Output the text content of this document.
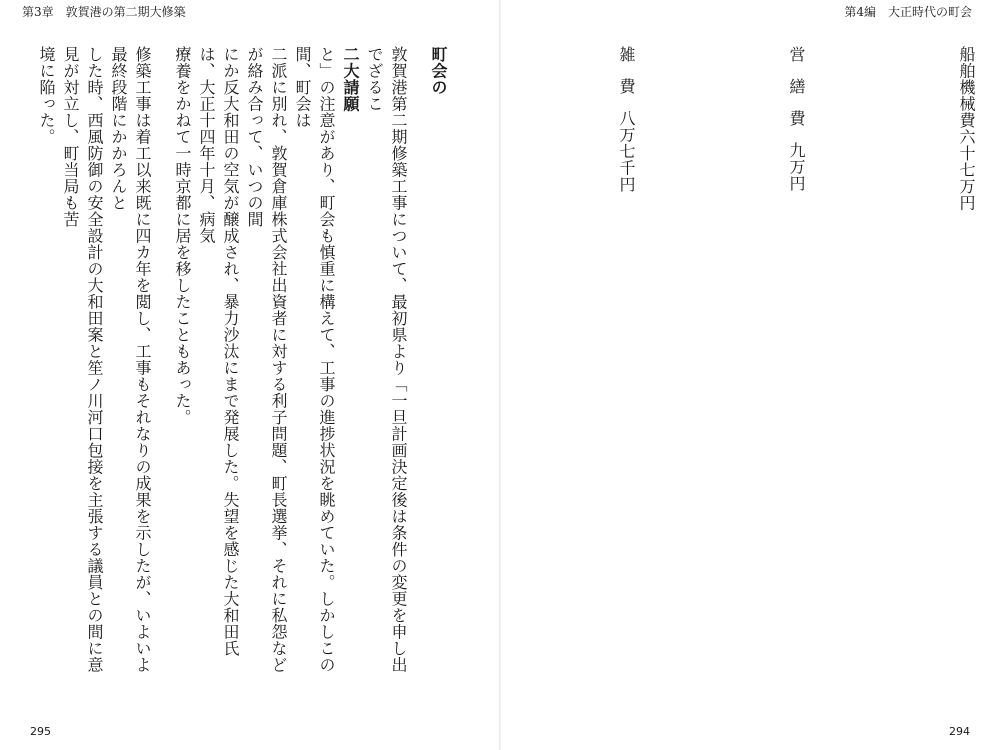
第3章　敦賀港の第二期大修築	第4編　大正時代の町会

船舶機械費六十七万円

営繕費九万円

雑費八万七千円

町会の

敦賀港第二期修築工事について、最初県より「一旦計画決定後は条件の変更を申し出でざるこ

二大請願

と」の注意があり、町会も慎重に構えて、工事の進捗状況を眺めていた。しかしこの間、町会は

二派に別れ、敦賀倉庫株式会社出資者に対する利子問題、町長選挙、それに私怨などが絡み合って、いつの間

にか反大和田の空気が醸成され、暴力沙汰にまで発展した。失望を感じた大和田氏は、大正十四年十月、病気

療養をかねて一時京都に居を移したこともあった。

修築工事は着工以来既に四カ年を閲し、工事もそれなりの成果を示したが、いよいよ最終段階にかかろんと

した時、西風防御の安全設計の大和田案と笙ノ川河口包接を主張する議員との間に意見が対立し、町当局も苦

境に陥った。

295	294
